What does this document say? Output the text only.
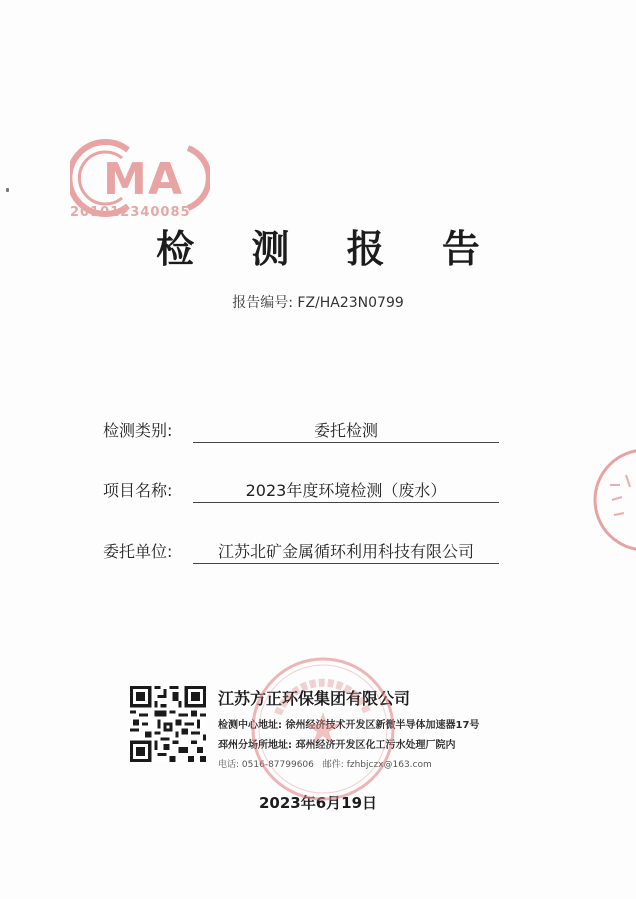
M A
201012340085
检 测 报 告
报告编号: FZ/HA23N0799
检测类别:	委托检测
项目名称:	2023年度环境检测（废水）
委托单位:	江苏北矿金属循环利用科技有限公司
江苏方正环保集团有限公司
检测中心地址: 徐州经济技术开发区新微半导体加速器17号
邳州分场所地址: 邳州经济开发区化工污水处理厂院内
电话: 0516-87799606 邮件: fzhbjczx@163.com
2023年6月19日
